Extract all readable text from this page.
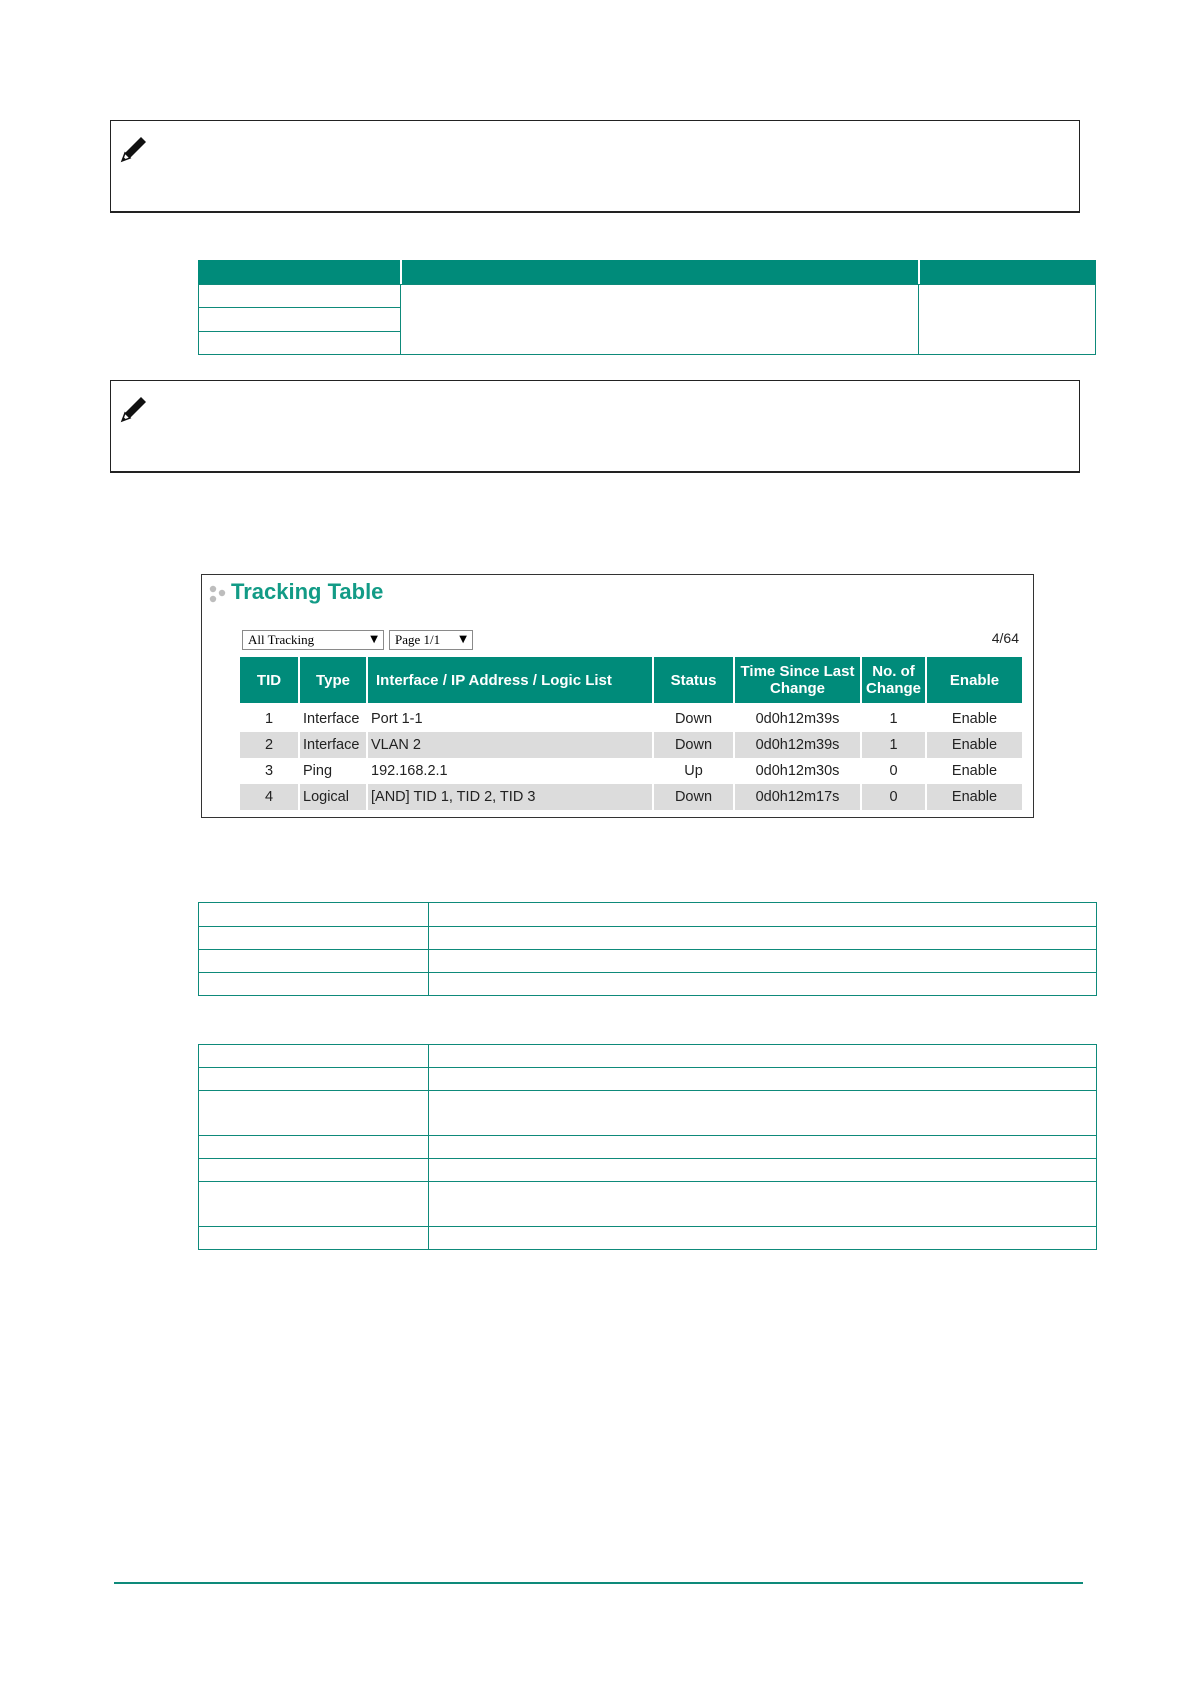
Tracking Table
All Tracking	▼	Page 1/1 ▼	4/64
TID	Type	Interface / IP Address / Logic List	Status	Time Since Last Change	No. of Change	Enable
1	Interface	Port 1-1	Down	0d0h12m39s	1	Enable
2	Interface	VLAN 2	Down	0d0h12m39s	1	Enable
3	Ping	192.168.2.1	Up	0d0h12m30s	0	Enable
4	Logical	[AND] TID 1, TID 2, TID 3	Down	0d0h12m17s	0	Enable
